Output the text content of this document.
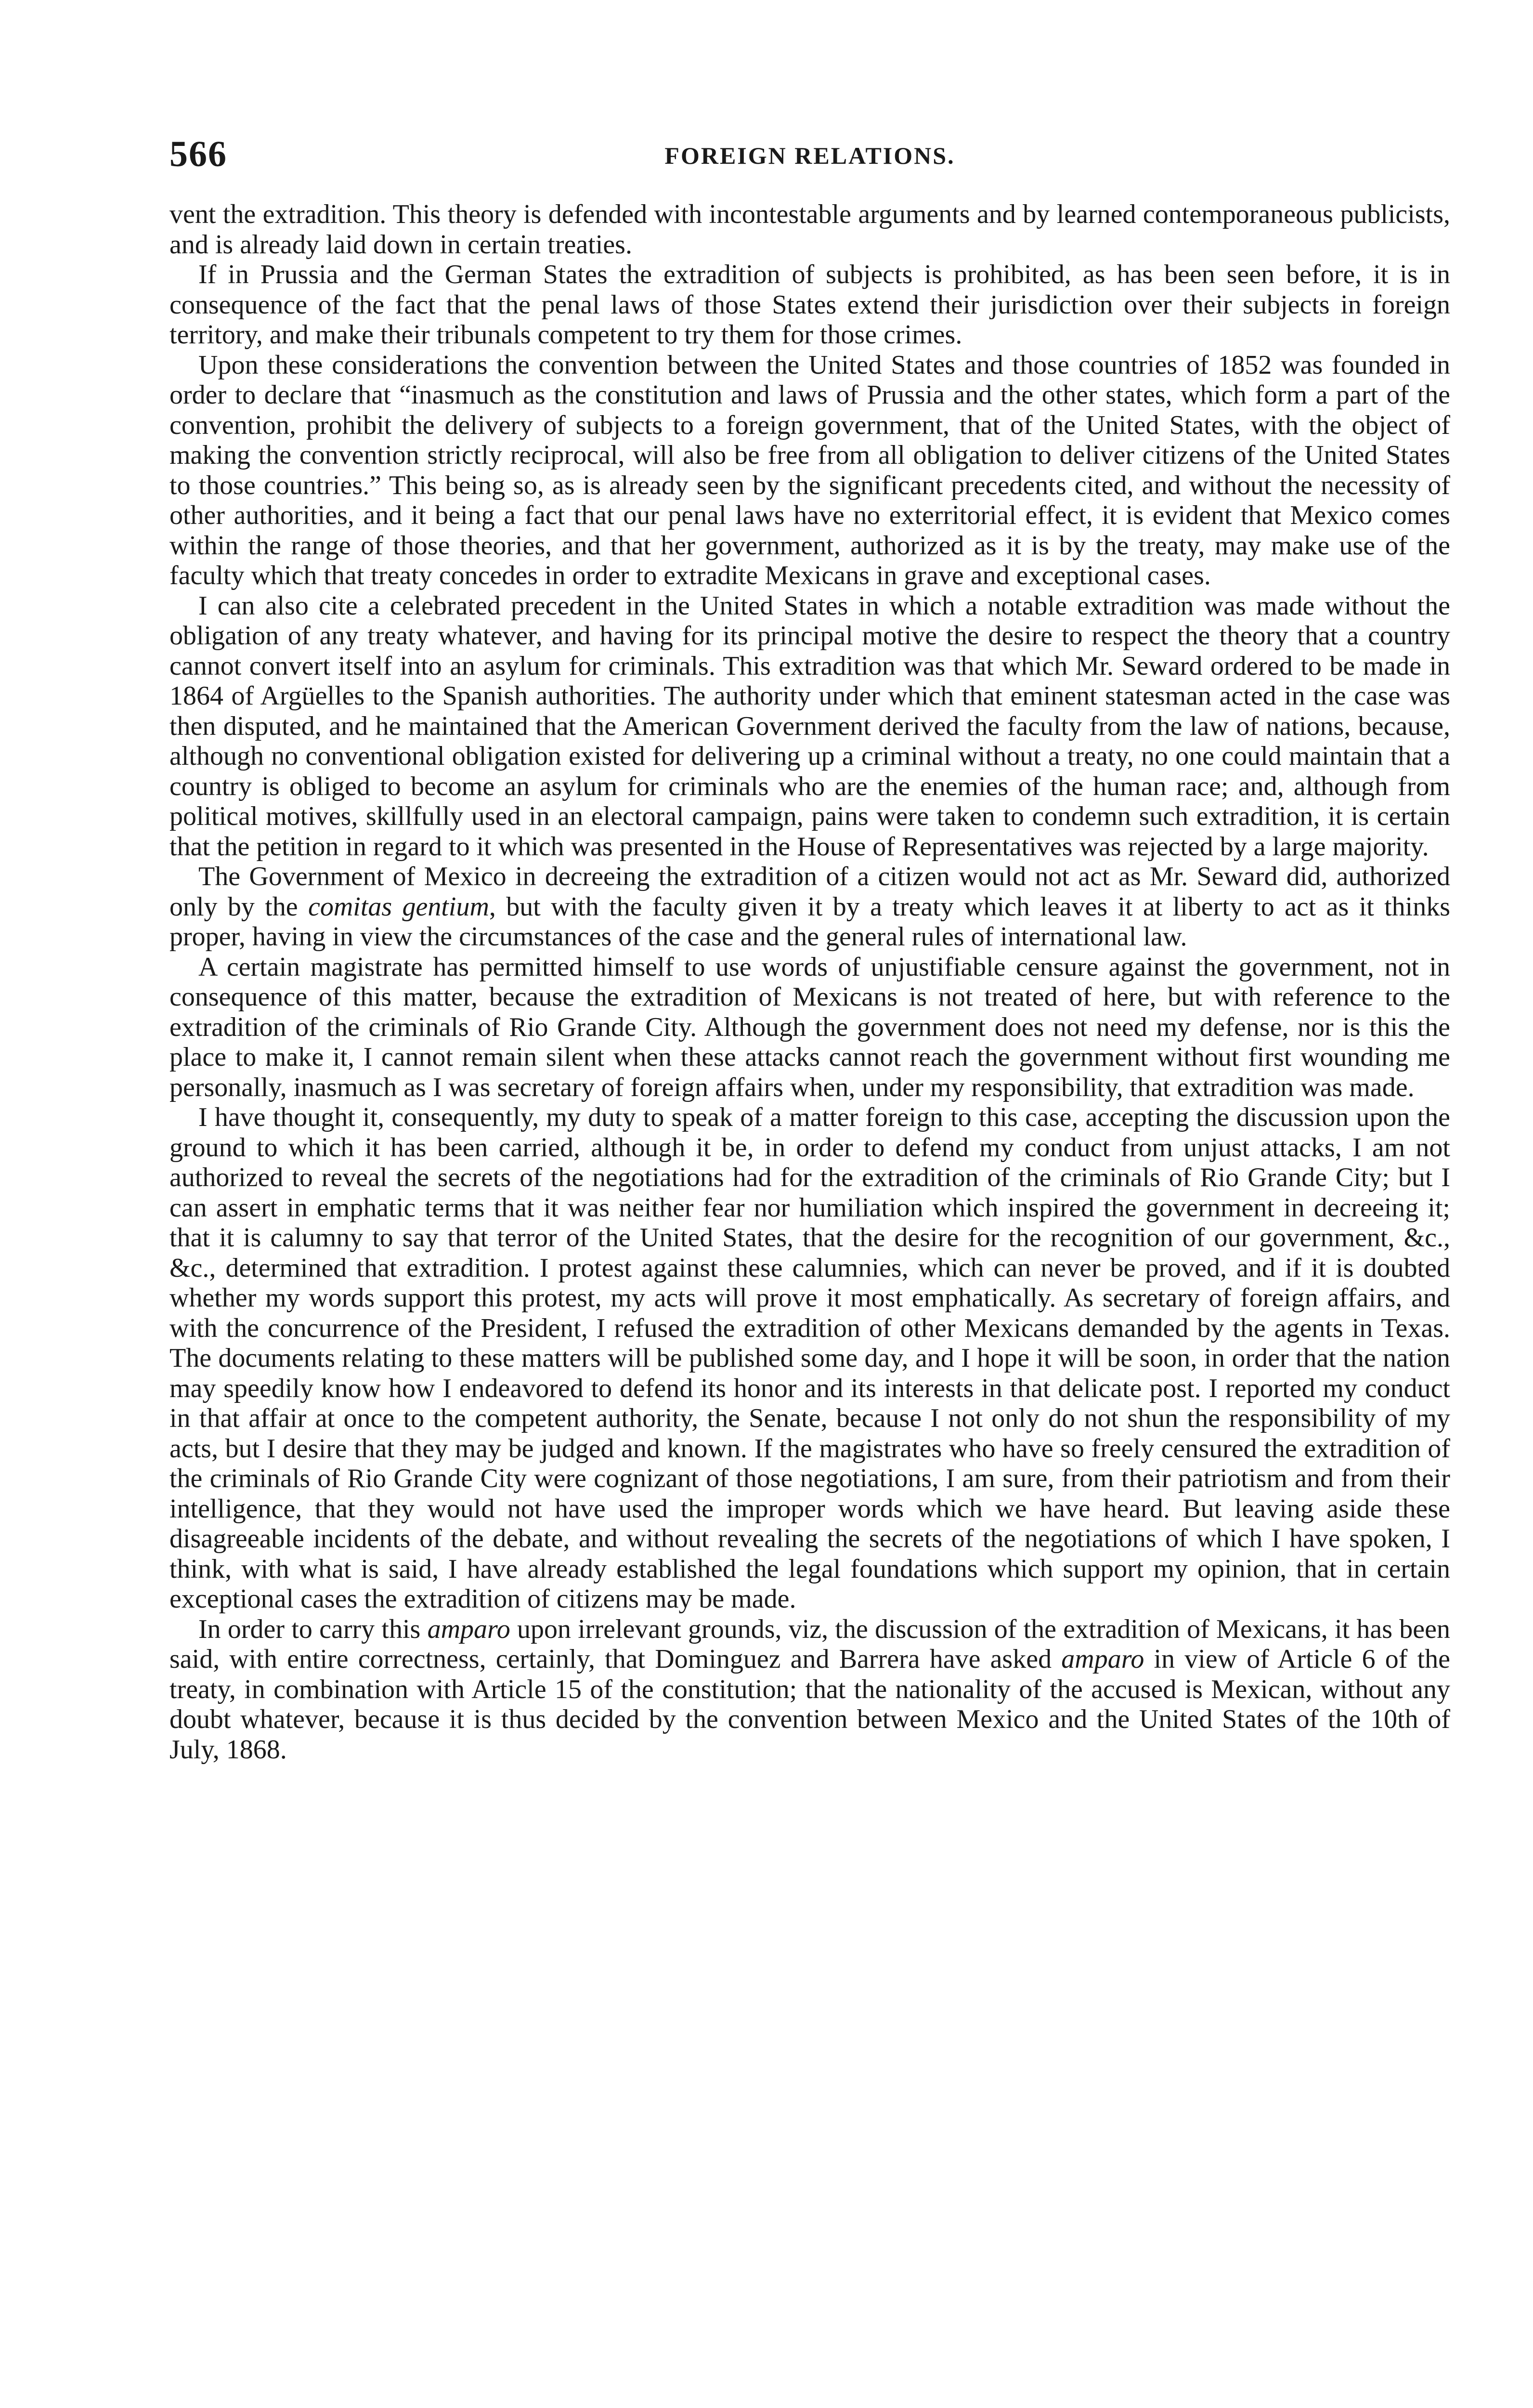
566	FOREIGN RELATIONS.

vent the extradition. This theory is defended with incontestable arguments and by learned contemporaneous publicists, and is already laid down in certain treaties.

If in Prussia and the German States the extradition of subjects is prohibited, as has been seen before, it is in consequence of the fact that the penal laws of those States extend their jurisdiction over their subjects in foreign territory, and make their tribunals competent to try them for those crimes.

Upon these considerations the convention between the United States and those countries of 1852 was founded in order to declare that “inasmuch as the constitution and laws of Prussia and the other states, which form a part of the convention, prohibit the delivery of subjects to a foreign government, that of the United States, with the object of making the convention strictly reciprocal, will also be free from all obligation to deliver citizens of the United States to those countries.” This being so, as is already seen by the significant precedents cited, and without the necessity of other authorities, and it being a fact that our penal laws have no exterritorial effect, it is evident that Mexico comes within the range of those theories, and that her government, authorized as it is by the treaty, may make use of the faculty which that treaty concedes in order to extradite Mexicans in grave and exceptional cases.

I can also cite a celebrated precedent in the United States in which a notable extradition was made without the obligation of any treaty whatever, and having for its principal motive the desire to respect the theory that a country cannot convert itself into an asylum for criminals. This extradition was that which Mr. Seward ordered to be made in 1864 of Argüelles to the Spanish authorities. The authority under which that eminent statesman acted in the case was then disputed, and he maintained that the American Government derived the faculty from the law of nations, because, although no conventional obligation existed for delivering up a criminal without a treaty, no one could maintain that a country is obliged to become an asylum for criminals who are the enemies of the human race; and, although from political motives, skillfully used in an electoral campaign, pains were taken to condemn such extradition, it is certain that the petition in regard to it which was presented in the House of Representatives was rejected by a large majority.

The Government of Mexico in decreeing the extradition of a citizen would not act as Mr. Seward did, authorized only by the comitas gentium, but with the faculty given it by a treaty which leaves it at liberty to act as it thinks proper, having in view the circumstances of the case and the general rules of international law.

A certain magistrate has permitted himself to use words of unjustifiable censure against the government, not in consequence of this matter, because the extradition of Mexicans is not treated of here, but with reference to the extradition of the criminals of Rio Grande City. Although the government does not need my defense, nor is this the place to make it, I cannot remain silent when these attacks cannot reach the government without first wounding me personally, inasmuch as I was secretary of foreign affairs when, under my responsibility, that extradition was made.

I have thought it, consequently, my duty to speak of a matter foreign to this case, accepting the discussion upon the ground to which it has been carried, although it be, in order to defend my conduct from unjust attacks, I am not authorized to reveal the secrets of the negotiations had for the extradition of the criminals of Rio Grande City; but I can assert in emphatic terms that it was neither fear nor humiliation which inspired the government in decreeing it; that it is calumny to say that terror of the United States, that the desire for the recognition of our government, &c., &c., determined that extradition. I protest against these calumnies, which can never be proved, and if it is doubted whether my words support this protest, my acts will prove it most emphatically. As secretary of foreign affairs, and with the concurrence of the President, I refused the extradition of other Mexicans demanded by the agents in Texas. The documents relating to these matters will be published some day, and I hope it will be soon, in order that the nation may speedily know how I endeavored to defend its honor and its interests in that delicate post. I reported my conduct in that affair at once to the competent authority, the Senate, because I not only do not shun the responsibility of my acts, but I desire that they may be judged and known. If the magistrates who have so freely censured the extradition of the criminals of Rio Grande City were cognizant of those negotiations, I am sure, from their patriotism and from their intelligence, that they would not have used the improper words which we have heard. But leaving aside these disagreeable incidents of the debate, and without revealing the secrets of the negotiations of which I have spoken, I think, with what is said, I have already established the legal foundations which support my opinion, that in certain exceptional cases the extradition of citizens may be made.

In order to carry this amparo upon irrelevant grounds, viz, the discussion of the extradition of Mexicans, it has been said, with entire correctness, certainly, that Dominguez and Barrera have asked amparo in view of Article 6 of the treaty, in combination with Article 15 of the constitution; that the nationality of the accused is Mexican, without any doubt whatever, because it is thus decided by the convention between Mexico and the United States of the 10th of July, 1868.
